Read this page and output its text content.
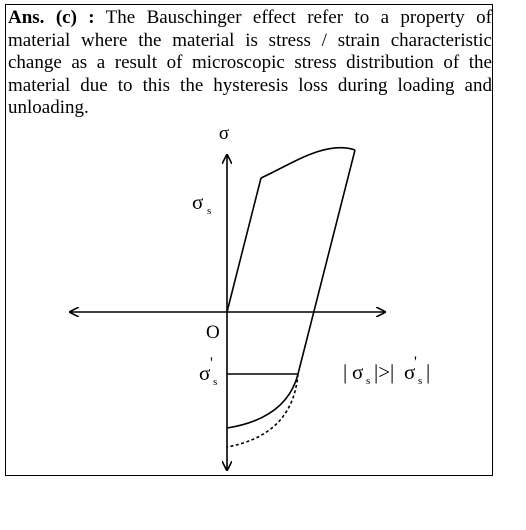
Ans. (c) : The Bauschinger effect refer to a property of material where the material is stress / strain characteristic change as a result of microscopic stress distribution of the material due to this the hysteresis loss during loading and unloading.
σ
O
σ s
σ s
'	| σ s |>| σ s
' |
